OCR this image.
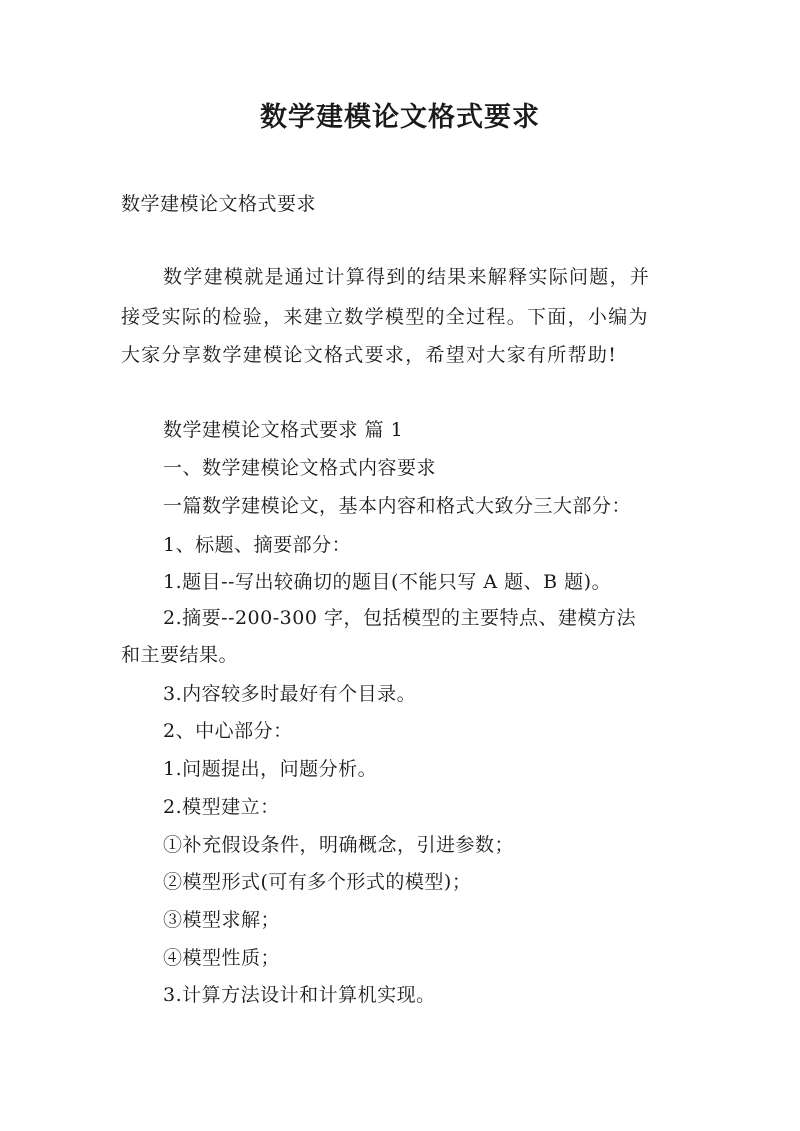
数学建模论文格式要求
数学建模论文格式要求
数学建模就是通过计算得到的结果来解释实际问题，并
接受实际的检验，来建立数学模型的全过程。下面，小编为
大家分享数学建模论文格式要求，希望对大家有所帮助!
数学建模论文格式要求 篇 1
一、数学建模论文格式内容要求
一篇数学建模论文，基本内容和格式大致分三大部分：
1、标题、摘要部分：
1.题目--写出较确切的题目(不能只写 A 题、B 题)。
2.摘要--200-300 字，包括模型的主要特点、建模方法
和主要结果。
3.内容较多时最好有个目录。
2、中心部分：
1.问题提出，问题分析。
2.模型建立：
①补充假设条件，明确概念，引进参数；
②模型形式(可有多个形式的模型)；
③模型求解；
④模型性质；
3.计算方法设计和计算机实现。
